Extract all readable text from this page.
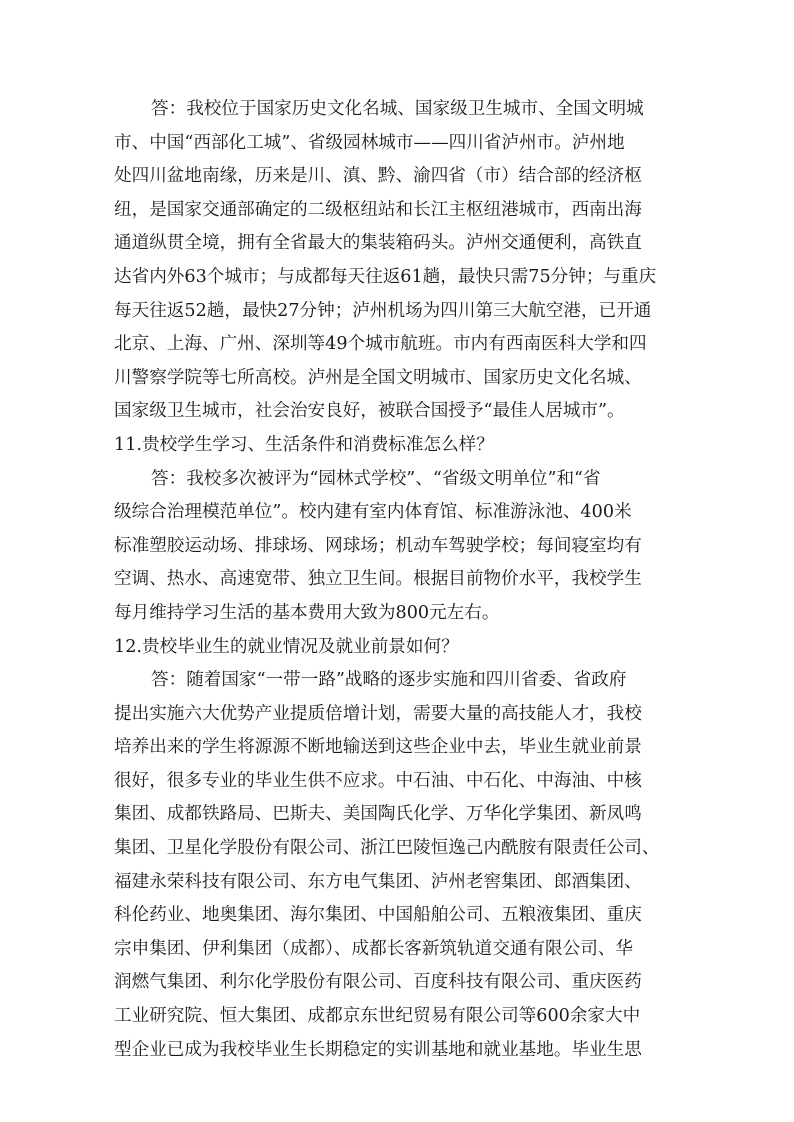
答：我校位于国家历史文化名城、国家级卫生城市、全国文明城
市、中国“西部化工城”、省级园林城市——四川省泸州市。泸州地
处四川盆地南缘，历来是川、滇、黔、渝四省（市）结合部的经济枢
纽，是国家交通部确定的二级枢纽站和长江主枢纽港城市，西南出海
通道纵贯全境，拥有全省最大的集装箱码头。泸州交通便利，高铁直
达省内外63个城市；与成都每天往返61趟，最快只需75分钟；与重庆
每天往返52趟，最快27分钟；泸州机场为四川第三大航空港，已开通
北京、上海、广州、深圳等49个城市航班。市内有西南医科大学和四
川警察学院等七所高校。泸州是全国文明城市、国家历史文化名城、
国家级卫生城市，社会治安良好，被联合国授予“最佳人居城市”。
11.贵校学生学习、生活条件和消费标准怎么样？
答：我校多次被评为“园林式学校”、“省级文明单位”和“省
级综合治理模范单位”。校内建有室内体育馆、标准游泳池、400米
标准塑胶运动场、排球场、网球场；机动车驾驶学校；每间寝室均有
空调、热水、高速宽带、独立卫生间。根据目前物价水平，我校学生
每月维持学习生活的基本费用大致为800元左右。
12.贵校毕业生的就业情况及就业前景如何？
答：随着国家“一带一路”战略的逐步实施和四川省委、省政府
提出实施六大优势产业提质倍增计划，需要大量的高技能人才，我校
培养出来的学生将源源不断地输送到这些企业中去，毕业生就业前景
很好，很多专业的毕业生供不应求。中石油、中石化、中海油、中核
集团、成都铁路局、巴斯夫、美国陶氏化学、万华化学集团、新凤鸣
集团、卫星化学股份有限公司、浙江巴陵恒逸己内酰胺有限责任公司、
福建永荣科技有限公司、东方电气集团、泸州老窖集团、郎酒集团、
科伦药业、地奥集团、海尔集团、中国船舶公司、五粮液集团、重庆
宗申集团、伊利集团（成都）、成都长客新筑轨道交通有限公司、华
润燃气集团、利尔化学股份有限公司、百度科技有限公司、重庆医药
工业研究院、恒大集团、成都京东世纪贸易有限公司等600余家大中
型企业已成为我校毕业生长期稳定的实训基地和就业基地。毕业生思
